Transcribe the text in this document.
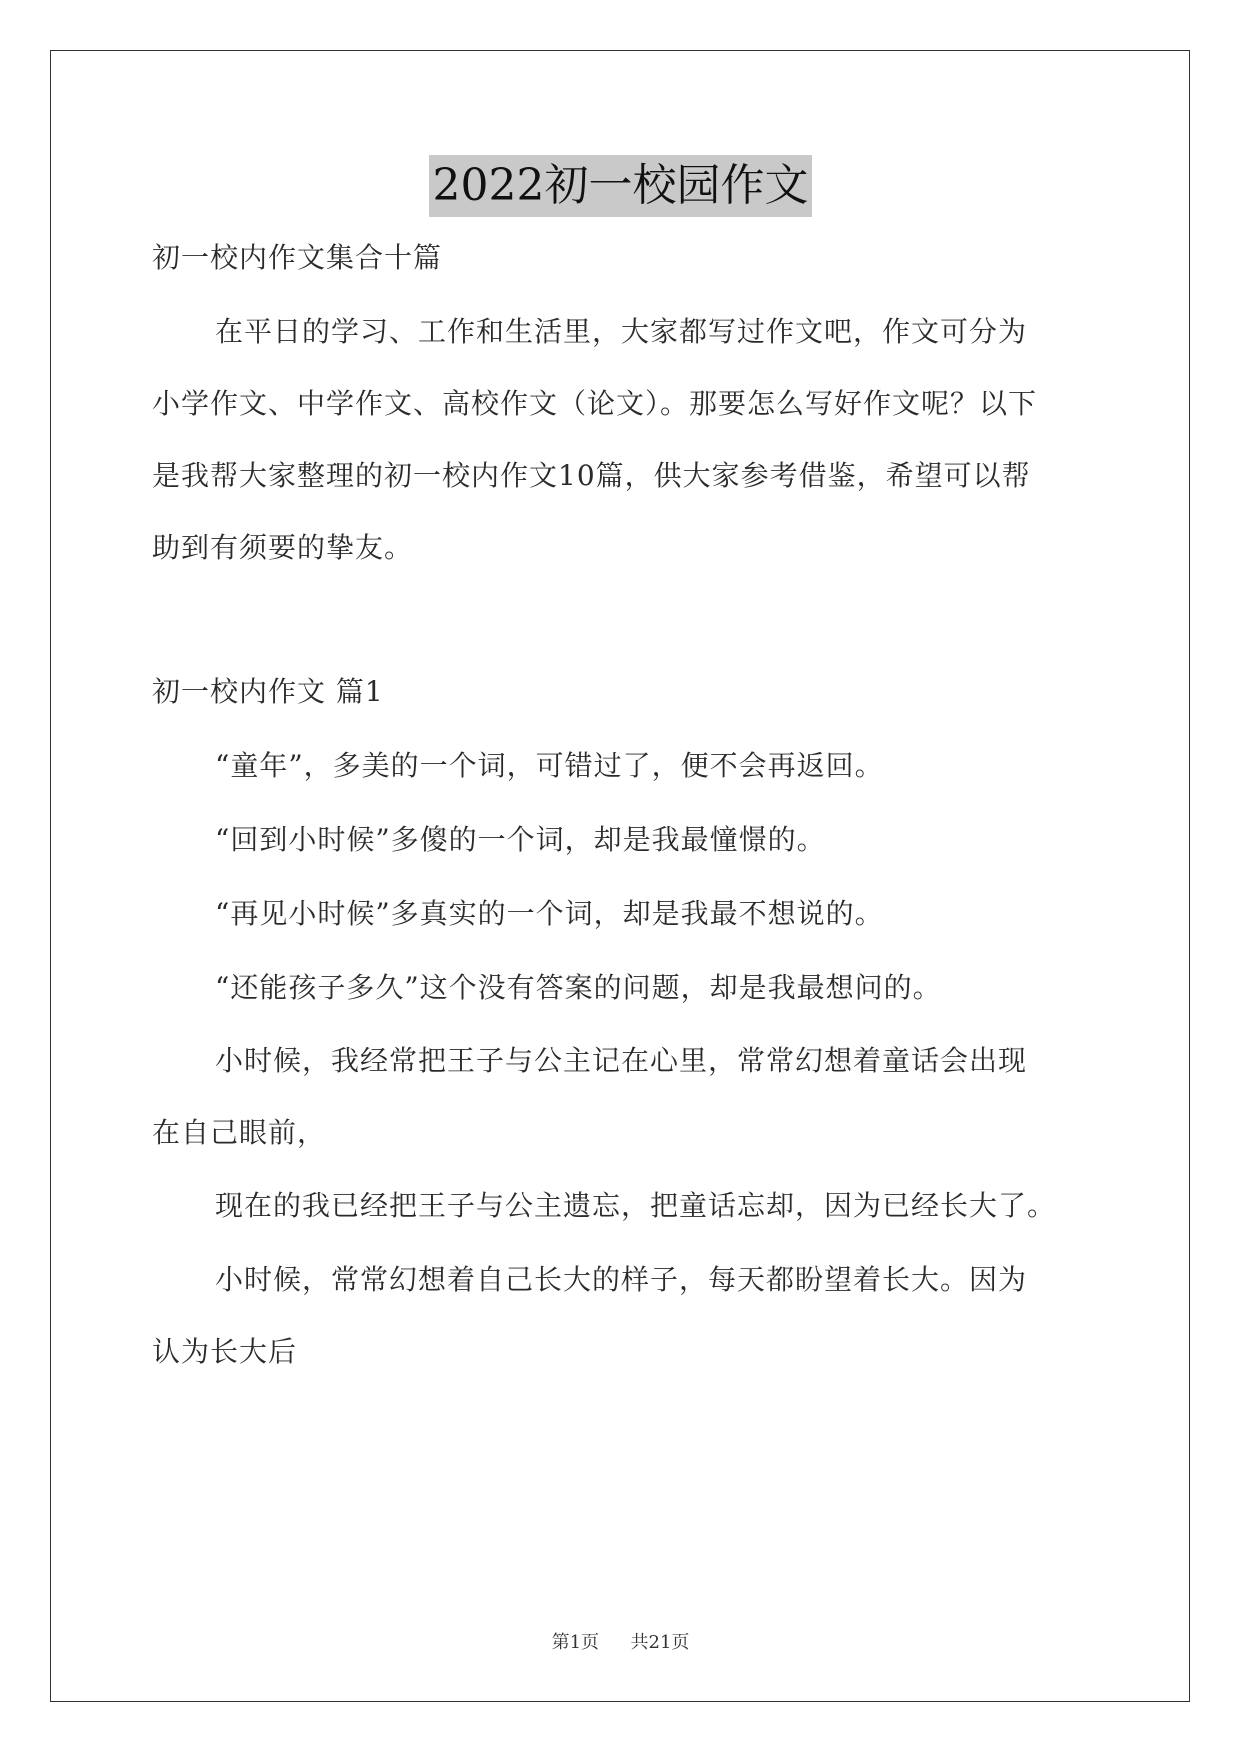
2022初一校园作文
初一校内作文集合十篇
在平日的学习、工作和生活里，大家都写过作文吧，作文可分为
小学作文、中学作文、高校作文（论文）。那要怎么写好作文呢？以下
是我帮大家整理的初一校内作文10篇，供大家参考借鉴，希望可以帮
助到有须要的挚友。
初一校内作文 篇1
“童年”，多美的一个词，可错过了，便不会再返回。
“回到小时候”多傻的一个词，却是我最憧憬的。
“再见小时候”多真实的一个词，却是我最不想说的。
“还能孩子多久”这个没有答案的问题，却是我最想问的。
小时候，我经常把王子与公主记在心里，常常幻想着童话会出现
在自己眼前，
现在的我已经把王子与公主遗忘，把童话忘却，因为已经长大了。
小时候，常常幻想着自己长大的样子，每天都盼望着长大。因为
认为长大后
第1页 共21页
